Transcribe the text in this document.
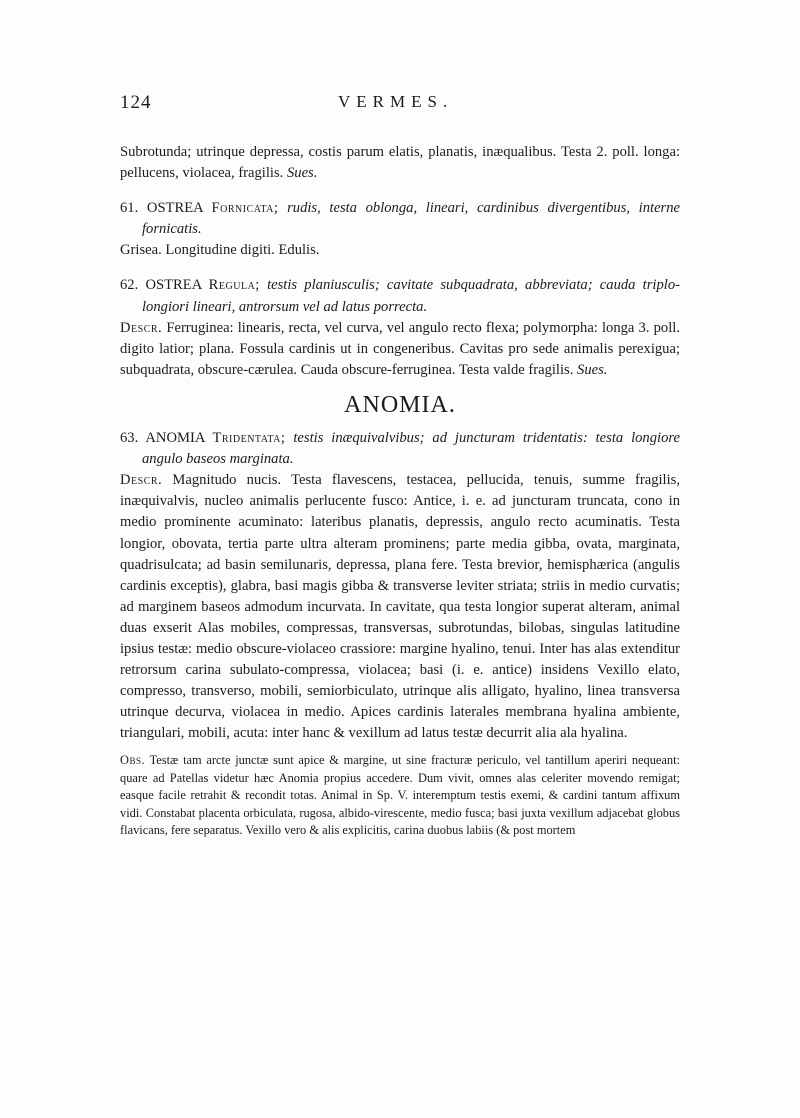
124	VERMES.

Subrotunda; utrinque depressa, costis parum elatis, planatis, inæqualibus. Testa 2. poll. longa: pellucens, violacea, fragilis. Sues.

61. OSTREA Fornicata; rudis, testa oblonga, lineari, cardinibus divergentibus, interne fornicatis.

Grisea. Longitudine digiti. Edulis.

62. OSTREA Regula; testis planiusculis; cavitate subquadrata, abbreviata; cauda triplo-longiori lineari, antrorsum vel ad latus porrecta.

Descr. Ferruginea: linearis, recta, vel curva, vel angulo recto flexa; polymorpha: longa 3. poll. digito latior; plana. Fossula cardinis ut in congeneribus. Cavitas pro sede animalis perexigua; subquadrata, obscure-cærulea. Cauda obscure-ferruginea. Testa valde fragilis. Sues.

ANOMIA.

63. ANOMIA Tridentata; testis inæquivalvibus; ad juncturam tridentatis: testa longiore angulo baseos marginata.

Descr. Magnitudo nucis. Testa flavescens, testacea, pellucida, tenuis, summe fragilis, inæquivalvis, nucleo animalis perlucente fusco: Antice, i. e. ad juncturam truncata, cono in medio prominente acuminato: lateribus planatis, depressis, angulo recto acuminatis. Testa longior, obovata, tertia parte ultra alteram prominens; parte media gibba, ovata, marginata, quadrisulcata; ad basin semilunaris, depressa, plana fere. Testa brevior, hemisphærica (angulis cardinis exceptis), glabra, basi magis gibba & transverse leviter striata; striis in medio curvatis; ad marginem baseos admodum incurvata. In cavitate, qua testa longior superat alteram, animal duas exserit Alas mobiles, compressas, transversas, subrotundas, bilobas, singulas latitudine ipsius testæ: medio obscure-violaceo crassiore: margine hyalino, tenui. Inter has alas extenditur retrorsum carina subulato-compressa, violacea; basi (i. e. antice) insidens Vexillo elato, compresso, transverso, mobili, semiorbiculato, utrinque alis alligato, hyalino, linea transversa utrinque decurva, violacea in medio. Apices cardinis laterales membrana hyalina ambiente, triangulari, mobili, acuta: inter hanc & vexillum ad latus testæ decurrit alia ala hyalina.

Obs. Testæ tam arcte junctæ sunt apice & margine, ut sine fracturæ periculo, vel tantillum aperiri nequeant: quare ad Patellas videtur hæc Anomia propius accedere. Dum vivit, omnes alas celeriter movendo remigat; easque facile retrahit & recondit totas. Animal in Sp. V. interemptum testis exemi, & cardini tantum affixum vidi. Constabat placenta orbiculata, rugosa, albido-virescente, medio fusca; basi juxta vexillum adjacebat globus flavicans, fere separatus. Vexillo vero & alis explicitis, carina duobus labiis (& post mortem
